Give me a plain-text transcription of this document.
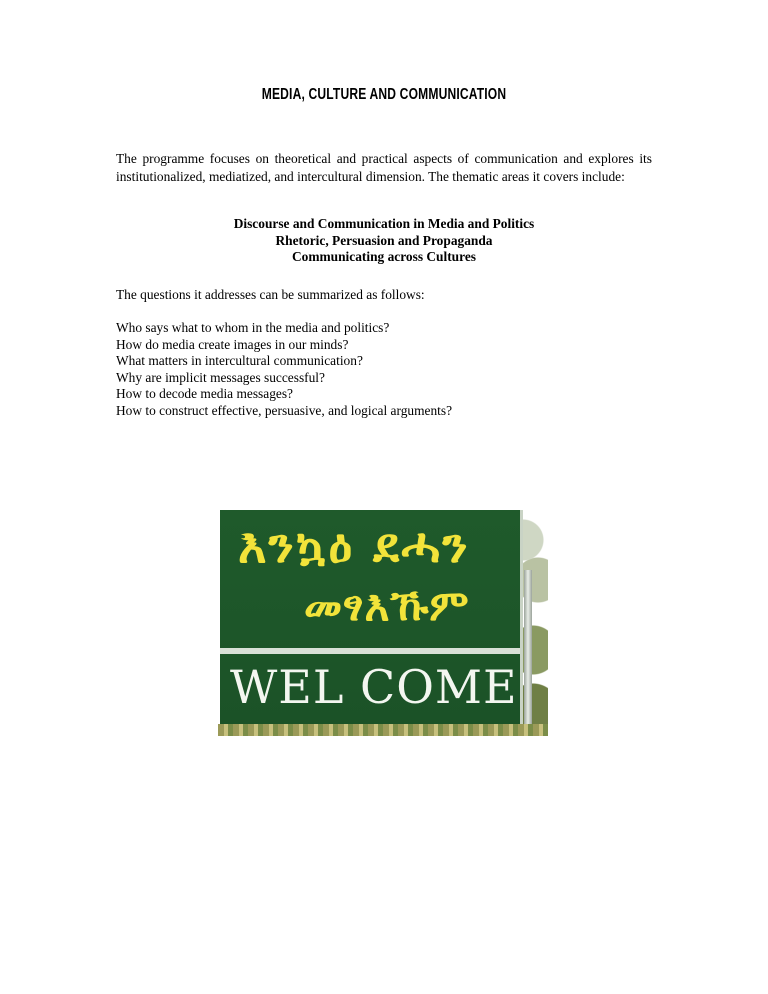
MEDIA, CULTURE AND COMMUNICATION
The programme focuses on theoretical and practical aspects of communication and explores its institutionalized, mediatized, and intercultural dimension. The thematic areas it covers include:
Discourse and Communication in Media and Politics
Rhetoric, Persuasion and Propaganda
Communicating across Cultures
The questions it addresses can be summarized as follows:
Who says what to whom in the media and politics?
How do media create images in our minds?
What matters in intercultural communication?
Why are implicit messages successful?
How to decode media messages?
How to construct effective, persuasive, and logical arguments?
እንኳዕ ደሓን
መፃእኹም
WEL COME
